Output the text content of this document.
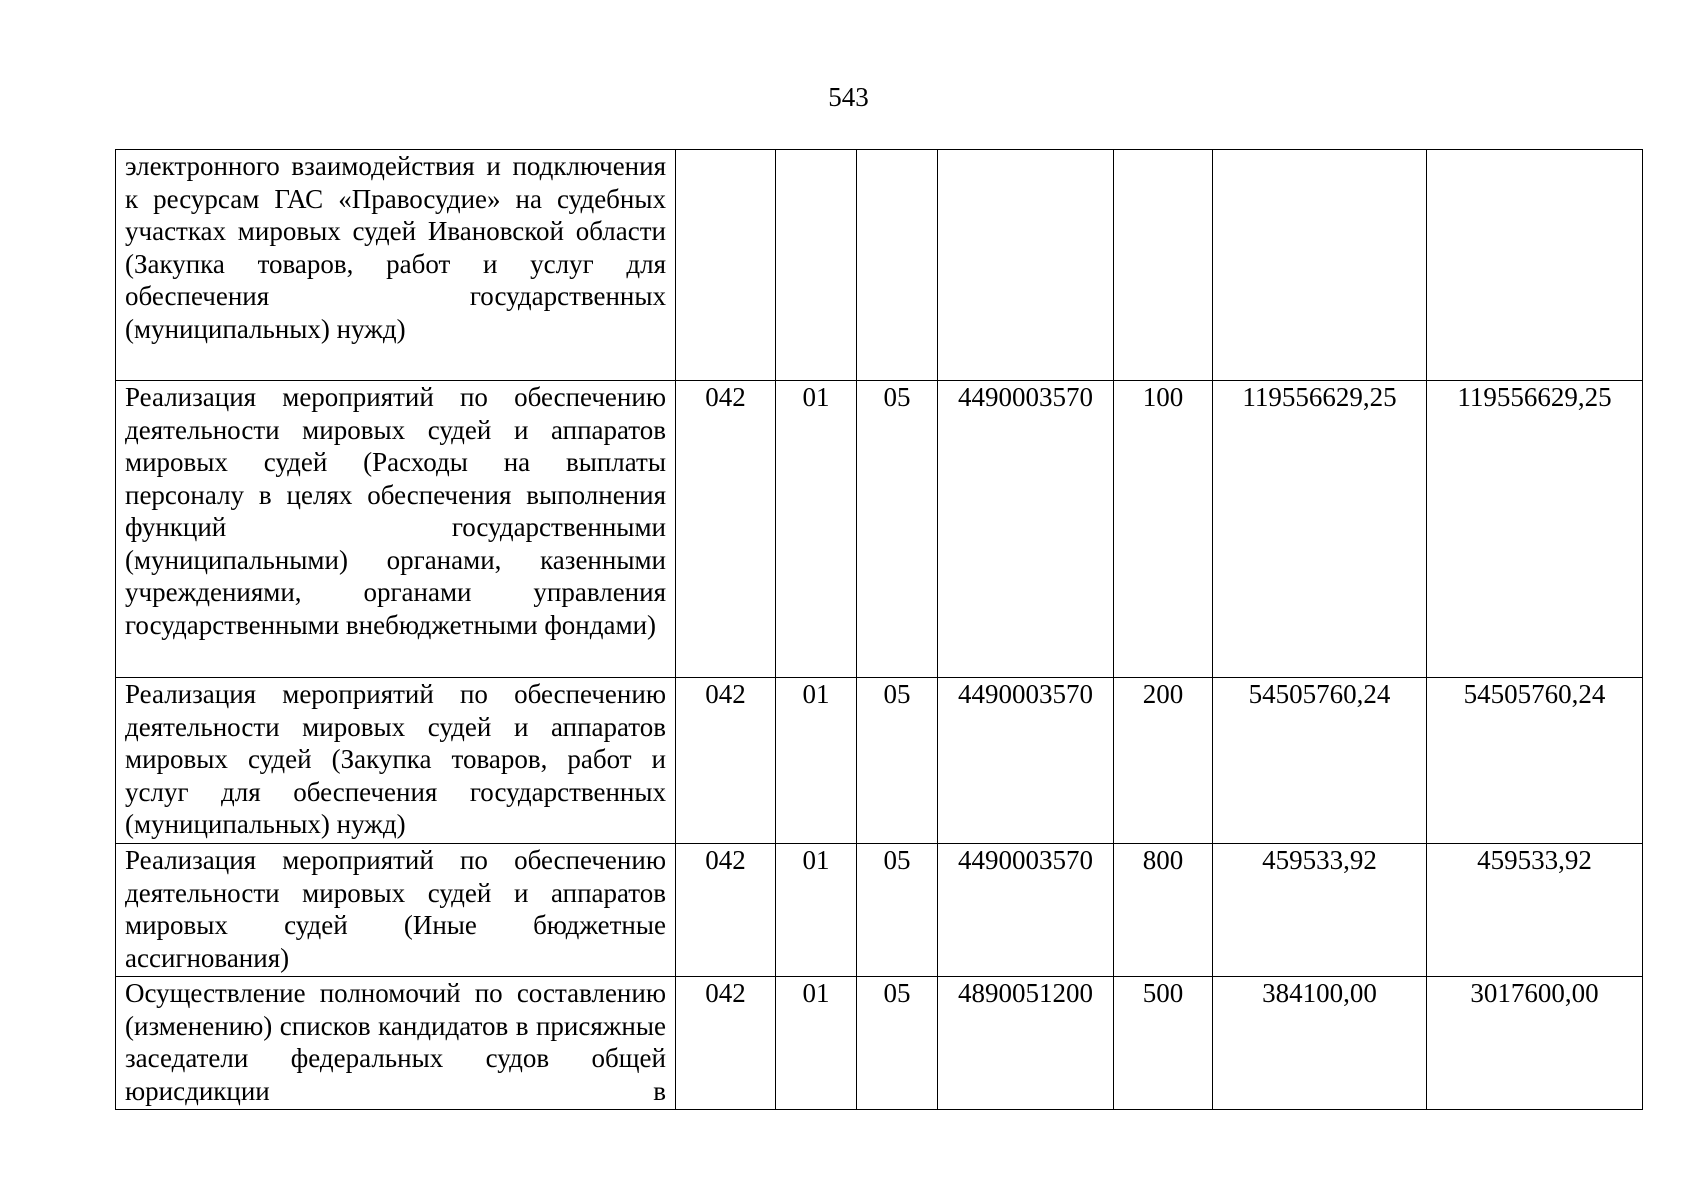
543
электронного взаимодействия и подключения к ресурсам ГАС «Правосудие» на судебных участках мировых судей Ивановской области (Закупка товаров, работ и услуг для обеспечения государственных (муниципальных) нужд)							
Реализация мероприятий по обеспечению деятельности мировых судей и аппаратов мировых судей (Расходы на выплаты персоналу в целях обеспечения выполнения функций государственными (муниципальными) органами, казенными учреждениями, органами управления государственными внебюджетными фондами)	042	01	05	4490003570	100	119556629,25	119556629,25
Реализация мероприятий по обеспечению деятельности мировых судей и аппаратов мировых судей (Закупка товаров, работ и услуг для обеспечения государственных (муниципальных) нужд)	042	01	05	4490003570	200	54505760,24	54505760,24
Реализация мероприятий по обеспечению деятельности мировых судей и аппаратов мировых судей (Иные бюджетные ассигнования)	042	01	05	4490003570	800	459533,92	459533,92
Осуществление полномочий по составлению (изменению) списков кандидатов в присяжные заседатели федеральных судов общей юрисдикции в	042	01	05	4890051200	500	384100,00	3017600,00
